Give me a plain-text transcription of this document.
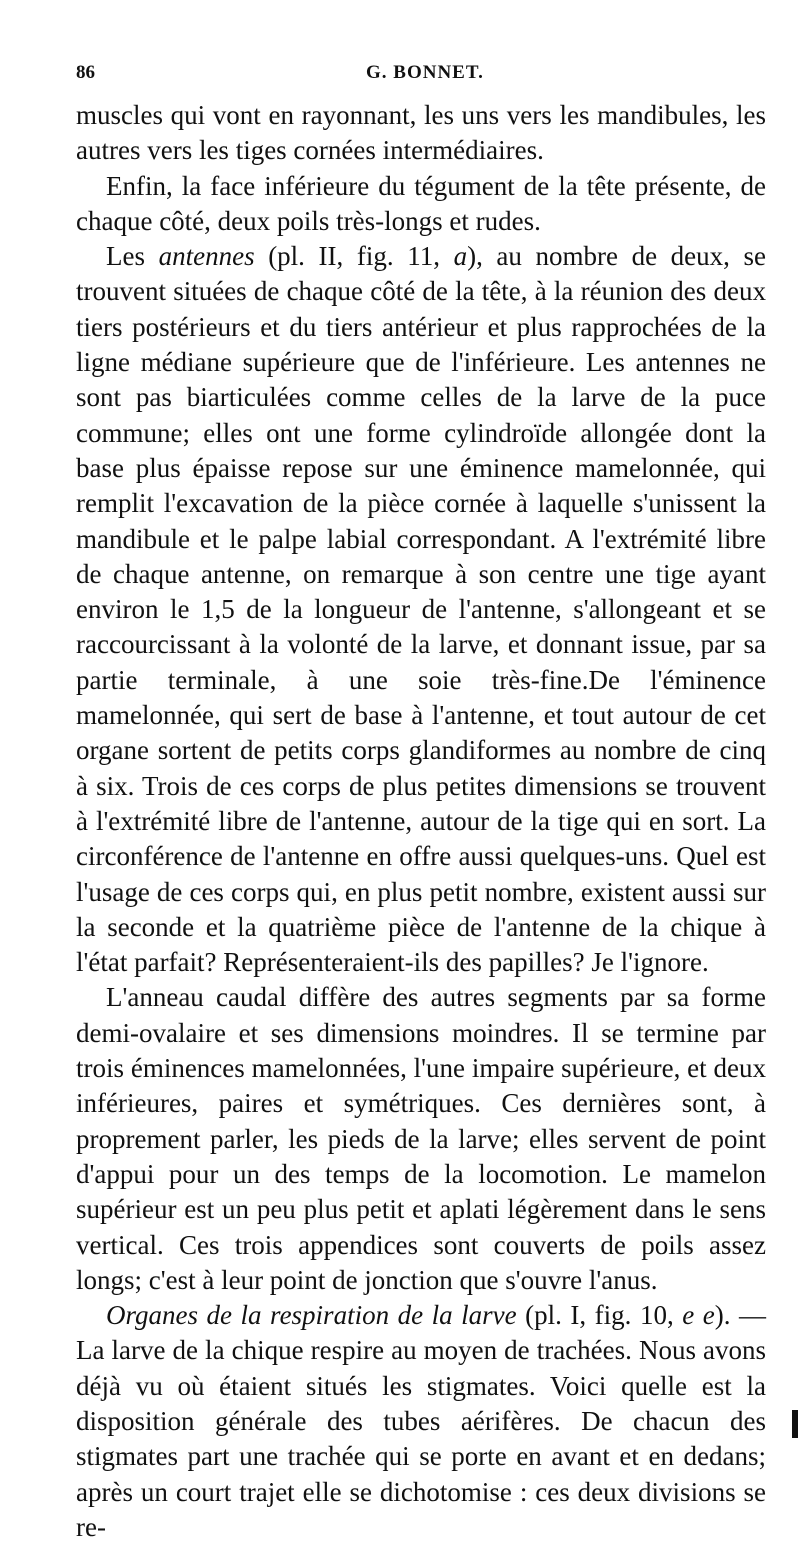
86	G. BONNET.

muscles qui vont en rayonnant, les uns vers les mandibules, les autres vers les tiges cornées intermédiaires.

Enfin, la face inférieure du tégument de la tête présente, de chaque côté, deux poils très-longs et rudes.

Les antennes (pl. II, fig. 11, a), au nombre de deux, se trouvent situées de chaque côté de la tête, à la réunion des deux tiers postérieurs et du tiers antérieur et plus rapprochées de la ligne médiane supérieure que de l'inférieure. Les antennes ne sont pas biarticulées comme celles de la larve de la puce commune; elles ont une forme cylindroïde allongée dont la base plus épaisse repose sur une éminence mamelonnée, qui remplit l'excavation de la pièce cornée à laquelle s'unissent la mandibule et le palpe labial correspondant. A l'extrémité libre de chaque antenne, on remarque à son centre une tige ayant environ le 1,5 de la longueur de l'antenne, s'allongeant et se raccourcissant à la volonté de la larve, et donnant issue, par sa partie terminale, à une soie très-fine.De l'éminence mamelonnée, qui sert de base à l'antenne, et tout autour de cet organe sortent de petits corps glandiformes au nombre de cinq à six. Trois de ces corps de plus petites dimensions se trouvent à l'extrémité libre de l'antenne, autour de la tige qui en sort. La circonférence de l'antenne en offre aussi quelques-uns. Quel est l'usage de ces corps qui, en plus petit nombre, existent aussi sur la seconde et la quatrième pièce de l'antenne de la chique à l'état parfait? Représenteraient-ils des papilles? Je l'ignore.

L'anneau caudal diffère des autres segments par sa forme demi-ovalaire et ses dimensions moindres. Il se termine par trois éminences mamelonnées, l'une impaire supérieure, et deux inférieures, paires et symétriques. Ces dernières sont, à proprement parler, les pieds de la larve; elles servent de point d'appui pour un des temps de la locomotion. Le mamelon supérieur est un peu plus petit et aplati légèrement dans le sens vertical. Ces trois appendices sont couverts de poils assez longs; c'est à leur point de jonction que s'ouvre l'anus.

Organes de la respiration de la larve (pl. I, fig. 10, e e). — La larve de la chique respire au moyen de trachées. Nous avons déjà vu où étaient situés les stigmates. Voici quelle est la disposition générale des tubes aérifères. De chacun des stigmates part une trachée qui se porte en avant et en dedans; après un court trajet elle se dichotomise : ces deux divisions se re-
